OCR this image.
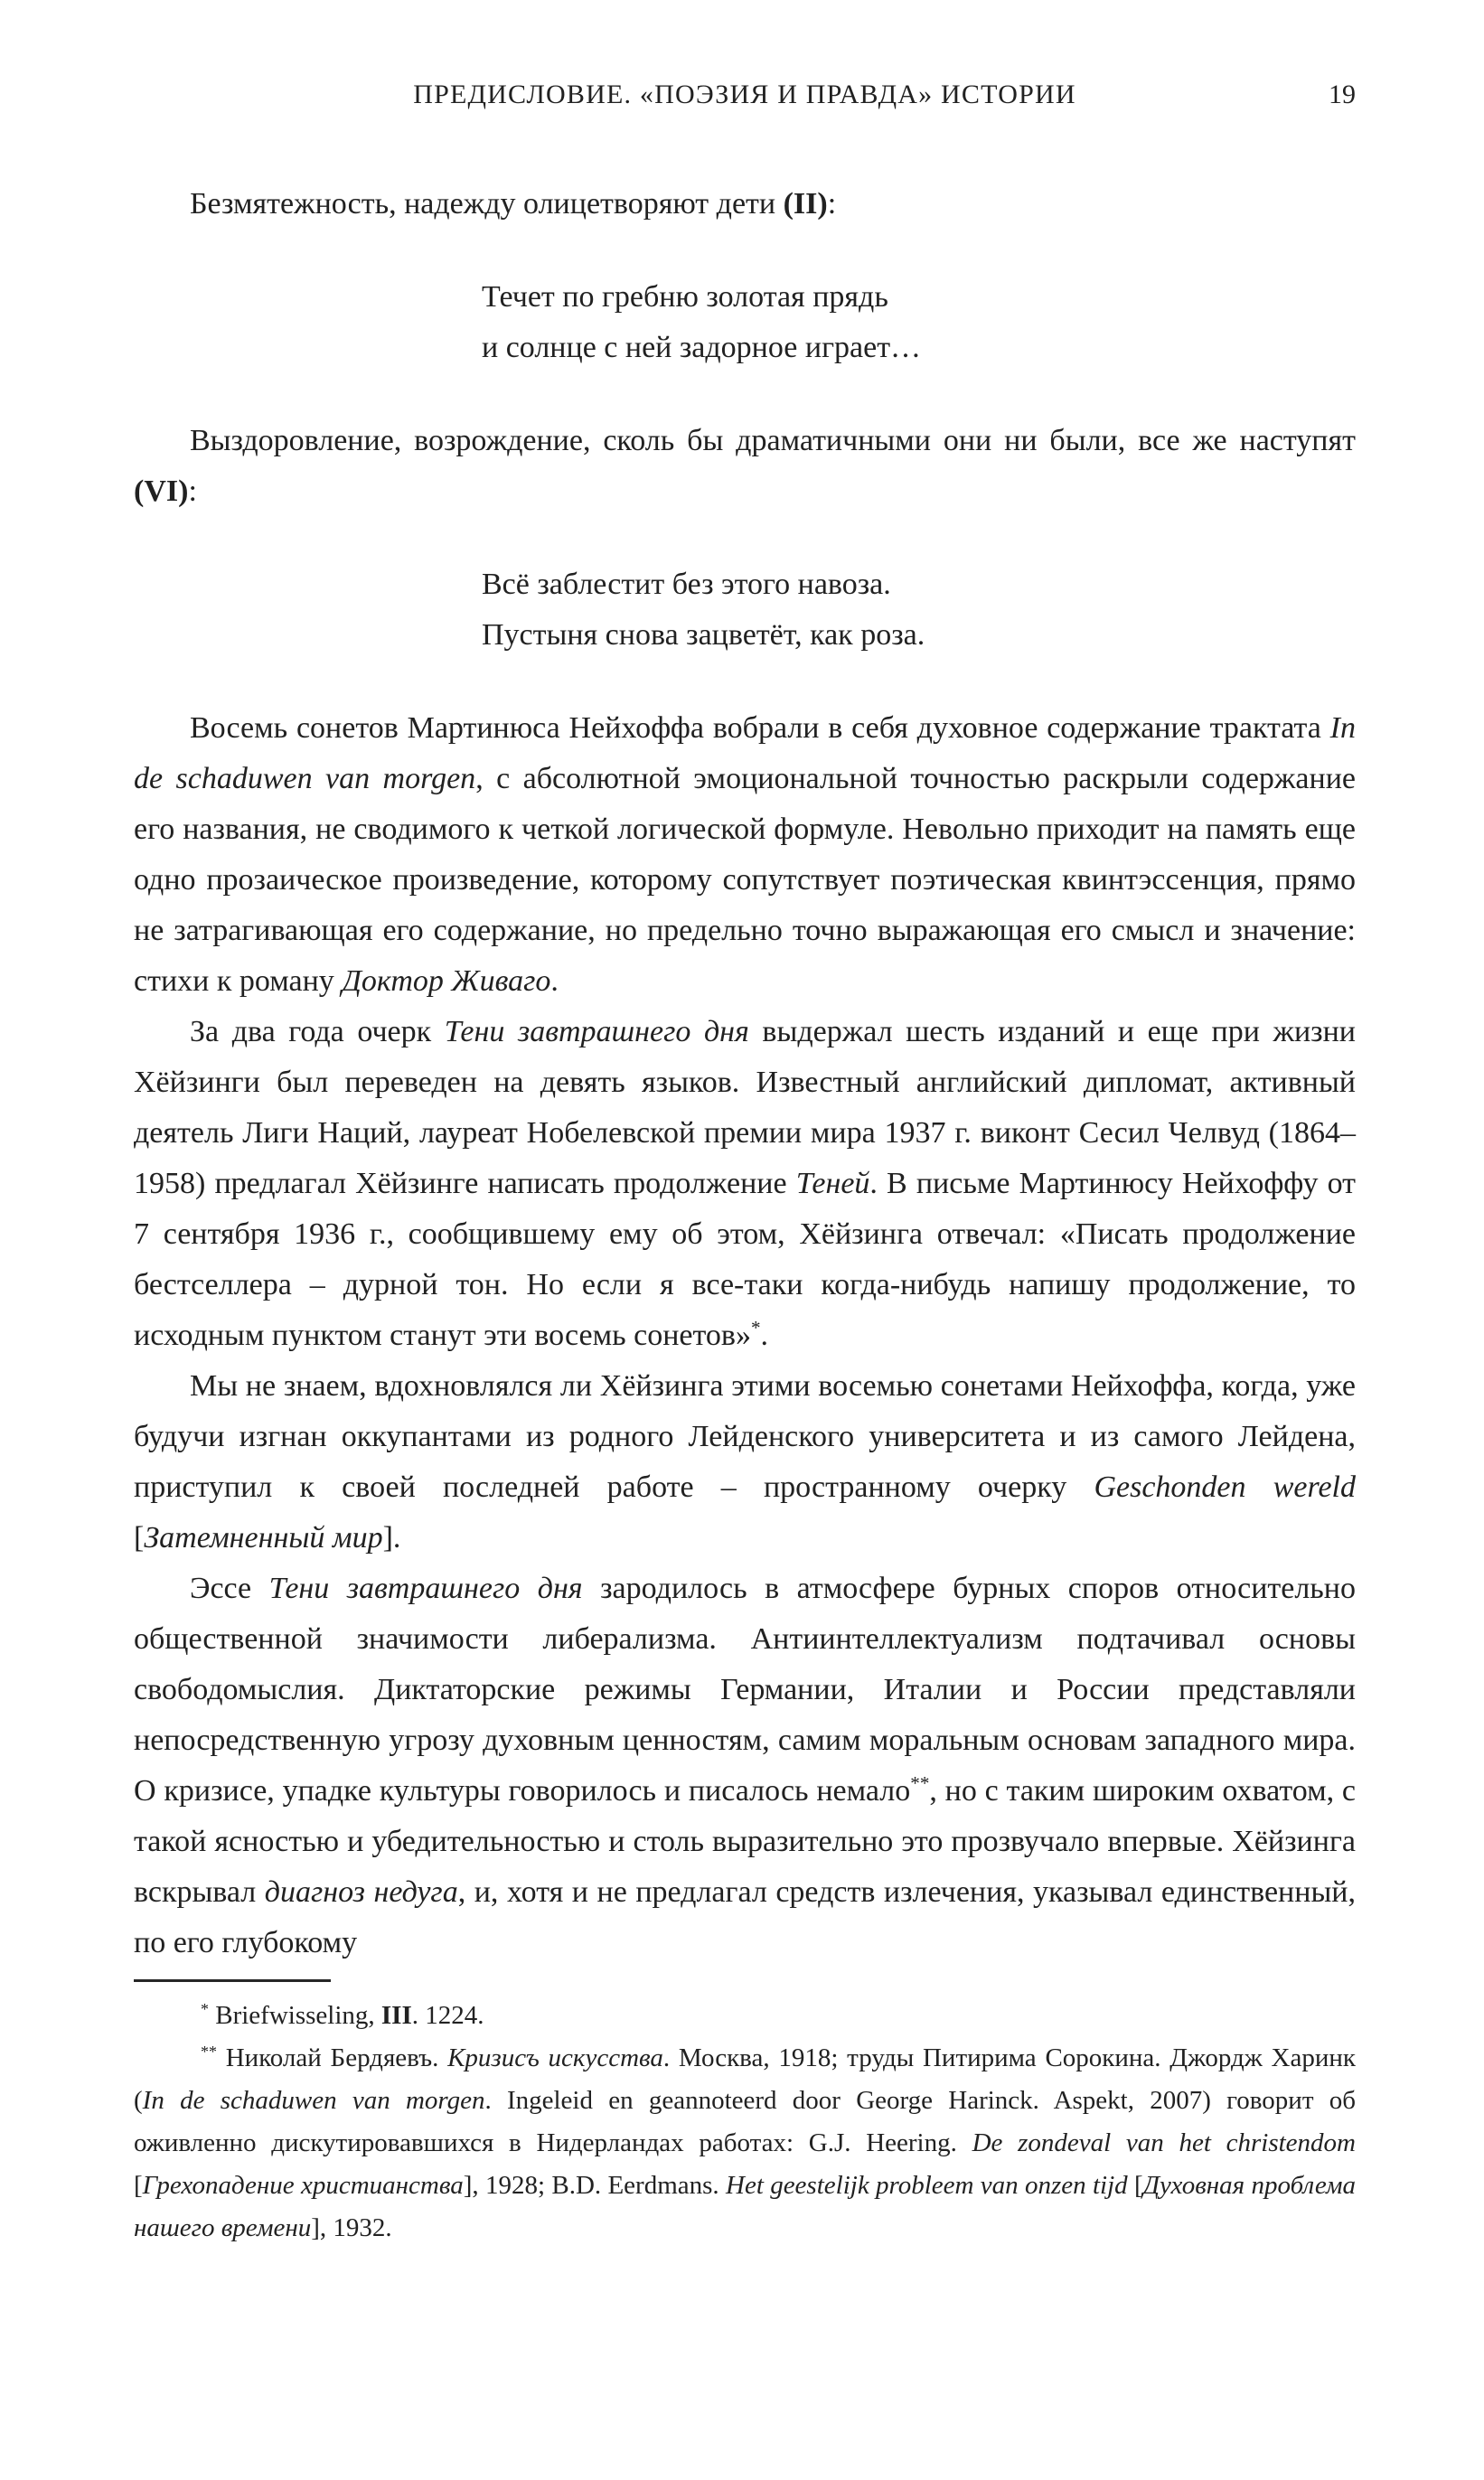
ПРЕДИСЛОВИЕ. «ПОЭЗИЯ И ПРАВДА» ИСТОРИИ	19

Безмятежность, надежду олицетворяют дети (II):

Течет по гребню золотая прядь
и солнце с ней задорное играет…

Выздоровление, возрождение, сколь бы драматичными они ни были, все же наступят (VI):

Всё заблестит без этого навоза.
Пустыня снова зацветёт, как роза.

Восемь сонетов Мартинюса Нейхоффа вобрали в себя духовное содержание трактата In de schaduwen van morgen, с абсолютной эмоциональной точностью раскрыли содержание его названия, не сводимого к четкой логической формуле. Невольно приходит на память еще одно прозаическое произведение, которому сопутствует поэтическая квинтэссенция, прямо не затрагивающая его содержание, но предельно точно выражающая его смысл и значение: стихи к роману Доктор Живаго.

За два года очерк Тени завтрашнего дня выдержал шесть изданий и еще при жизни Хёйзинги был переведен на девять языков. Известный английский дипломат, активный деятель Лиги Наций, лауреат Нобелевской премии мира 1937 г. виконт Сесил Челвуд (1864–1958) предлагал Хёйзинге написать продолжение Теней. В письме Мартинюсу Нейхоффу от 7 сентября 1936 г., сообщившему ему об этом, Хёйзинга отвечал: «Писать продолжение бестселлера – дурной тон. Но если я все-таки когда-нибудь напишу продолжение, то исходным пунктом станут эти восемь сонетов»*.

Мы не знаем, вдохновлялся ли Хёйзинга этими восемью сонетами Нейхоффа, когда, уже будучи изгнан оккупантами из родного Лейденского университета и из самого Лейдена, приступил к своей последней работе – пространному очерку Geschonden wereld [Затемненный мир].

Эссе Тени завтрашнего дня зародилось в атмосфере бурных споров относительно общественной значимости либерализма. Антиинтеллектуализм подтачивал основы свободомыслия. Диктаторские режимы Германии, Италии и России представляли непосредственную угрозу духовным ценностям, самим моральным основам западного мира. О кризисе, упадке культуры говорилось и писалось немало**, но с таким широким охватом, с такой ясностью и убедительностью и столь выразительно это прозвучало впервые. Хёйзинга вскрывал диагноз недуга, и, хотя и не предлагал средств излечения, указывал единственный, по его глубокому

* Briefwisseling, III. 1224.

** Николай Бердяевъ. Кризисъ искусства. Москва, 1918; труды Питирима Сорокина. Джордж Харинк (In de schaduwen van morgen. Ingeleid en geannoteerd door George Harinck. Aspekt, 2007) говорит об оживленно дискутировавшихся в Нидерландах работах: G.J. Heering. De zondeval van het christendom [Грехопадение христианства], 1928; B.D. Eerdmans. Het geestelijk probleem van onzen tijd [Духовная проблема нашего времени], 1932.
